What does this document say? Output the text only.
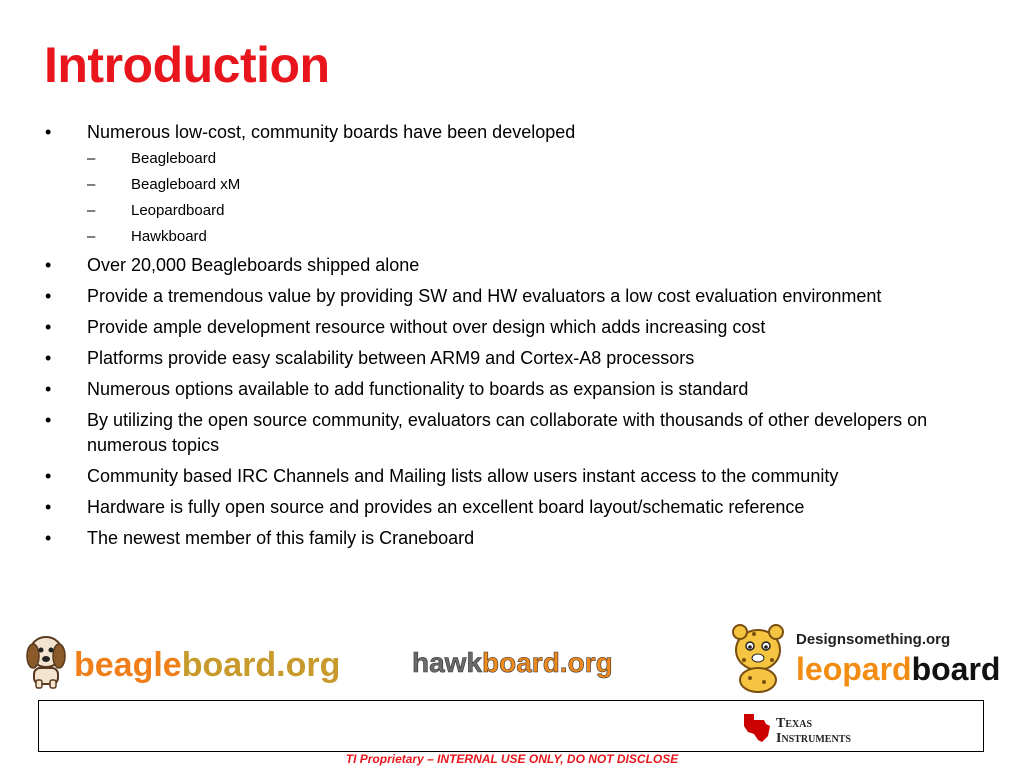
Introduction
• Numerous low-cost, community boards have been developed
– Beagleboard
– Beagleboard xM
– Leopardboard
– Hawkboard
• Over 20,000 Beagleboards shipped alone
• Provide a tremendous value by providing SW and HW evaluators a low cost evaluation environment
• Provide ample development resource without over design which adds increasing cost
• Platforms provide easy scalability between ARM9 and Cortex-A8 processors
• Numerous options available to add functionality to boards as expansion is standard
• By utilizing the open source community, evaluators can collaborate with thousands of other developers on numerous topics
• Community based IRC Channels and Mailing lists allow users instant access to the community
• Hardware is fully open source and provides an excellent board layout/schematic reference
• The newest member of this family is Craneboard
beagleboard.org	hawkboard.org
Designsomething.org
leopardboard
Texas
Instruments
TI Proprietary – INTERNAL USE ONLY, DO NOT DISCLOSE
